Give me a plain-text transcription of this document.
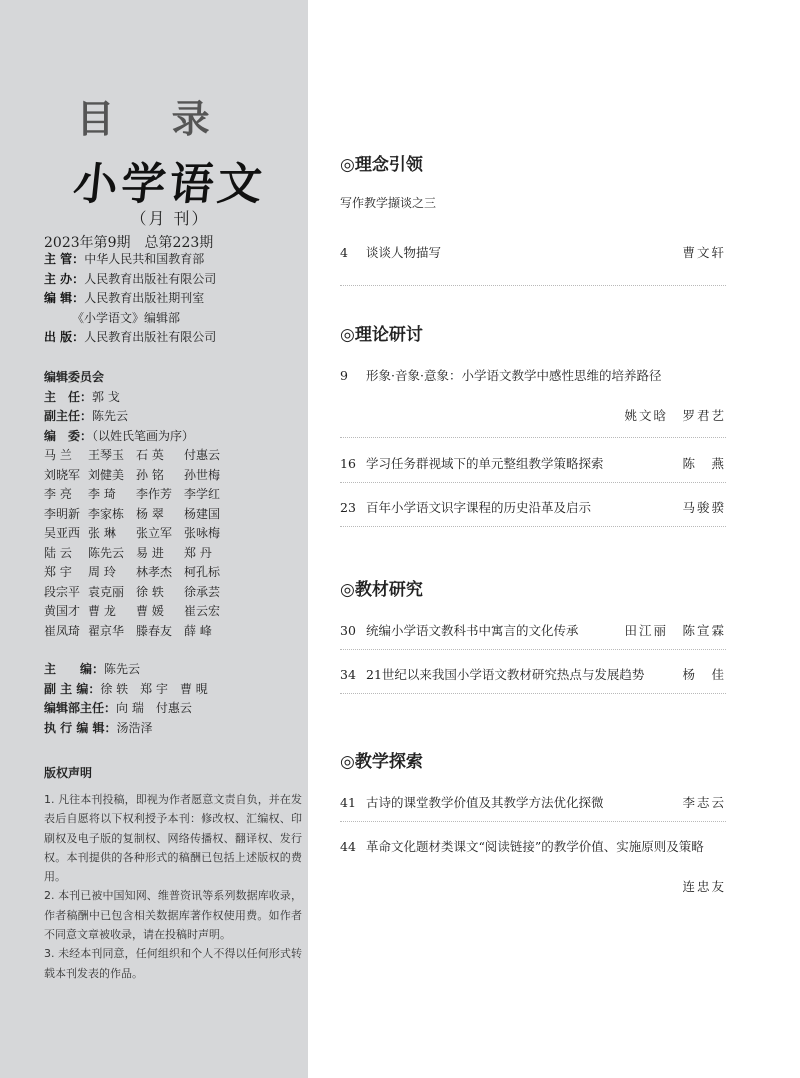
目 录
小学语文
（月 刊）
2023年第9期　总第223期
主 管：中华人民共和国教育部
主 办：人民教育出版社有限公司
编 辑：人民教育出版社期刊室
《小学语文》编辑部
出 版：人民教育出版社有限公司
编辑委员会
主　任：郭 戈
副主任：陈先云
编　委：（以姓氏笔画为序）
马 兰	王琴玉 石 英	付惠云
刘晓军 刘健美 孙 铭	孙世梅
李 亮	李 琦	李作芳 李学红
李明新 李家栋 杨 翠	杨建国
吴亚西 张 琳	张立军 张咏梅
陆 云	陈先云 易 进	郑 丹
郑 宇	周 玲	林孝杰 柯孔标
段宗平 袁克丽 徐 轶	徐承芸
黄国才 曹 龙	曹 媛	崔云宏
崔凤琦 翟京华 滕春友 薛 峰
主　　编：陈先云
副 主 编：徐 轶　郑 宇　曹 晛
编辑部主任：向 瑞　付惠云
执 行 编 辑：汤浩泽
版权声明

1. 凡往本刊投稿，即视为作者愿意文责自负，并在发表后自愿将以下权利授予本刊：修改权、汇编权、印刷权及电子版的复制权、网络传播权、翻译权、发行权。本刊提供的各种形式的稿酬已包括上述版权的费用。

2. 本刊已被中国知网、维普资讯等系列数据库收录，作者稿酬中已包含相关数据库著作权使用费。如作者不同意文章被收录，请在投稿时声明。

3. 未经本刊同意，任何组织和个人不得以任何形式转载本刊发表的作品。

◎理念引领
写作教学撷谈之三
4 谈谈人物描写	曹文轩
◎理论研讨
9 形象·音象·意象：小学语文教学中感性思维的培养路径
姚文晗　罗君艺
16 学习任务群视域下的单元整组教学策略探索	陈　燕
23 百年小学语文识字课程的历史沿革及启示	马骏骙
◎教材研究
30 统编小学语文教科书中寓言的文化传承	田江丽　陈宣霖
34 21世纪以来我国小学语文教材研究热点与发展趋势	杨　佳
◎教学探索
41 古诗的课堂教学价值及其教学方法优化探微	李志云
44 革命文化题材类课文“阅读链接”的教学价值、实施原则及策略
连忠友
